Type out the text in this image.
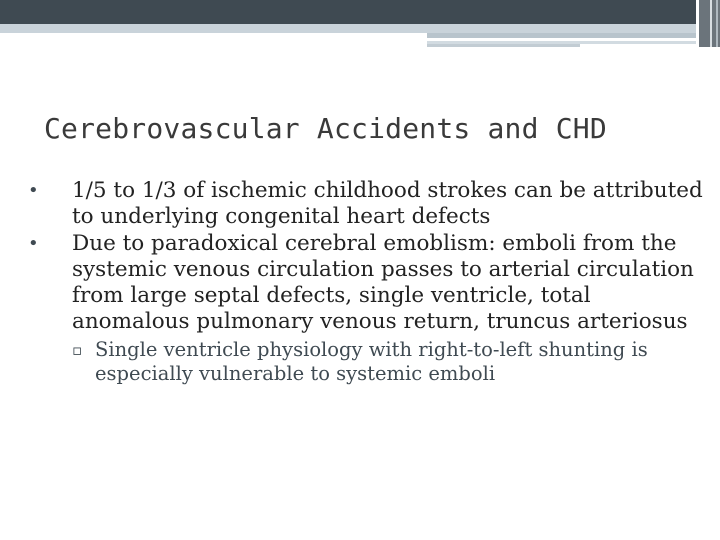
Cerebrovascular Accidents and CHD
• 1/5 to 1/3 of ischemic childhood strokes can be attributed to underlying congenital heart defects
• Due to paradoxical cerebral emoblism: emboli from the systemic venous circulation passes to arterial circulation from large septal defects, single ventricle, total anomalous pulmonary venous return, truncus arteriosus
▫ Single ventricle physiology with right-to-left shunting is especially vulnerable to systemic emboli
